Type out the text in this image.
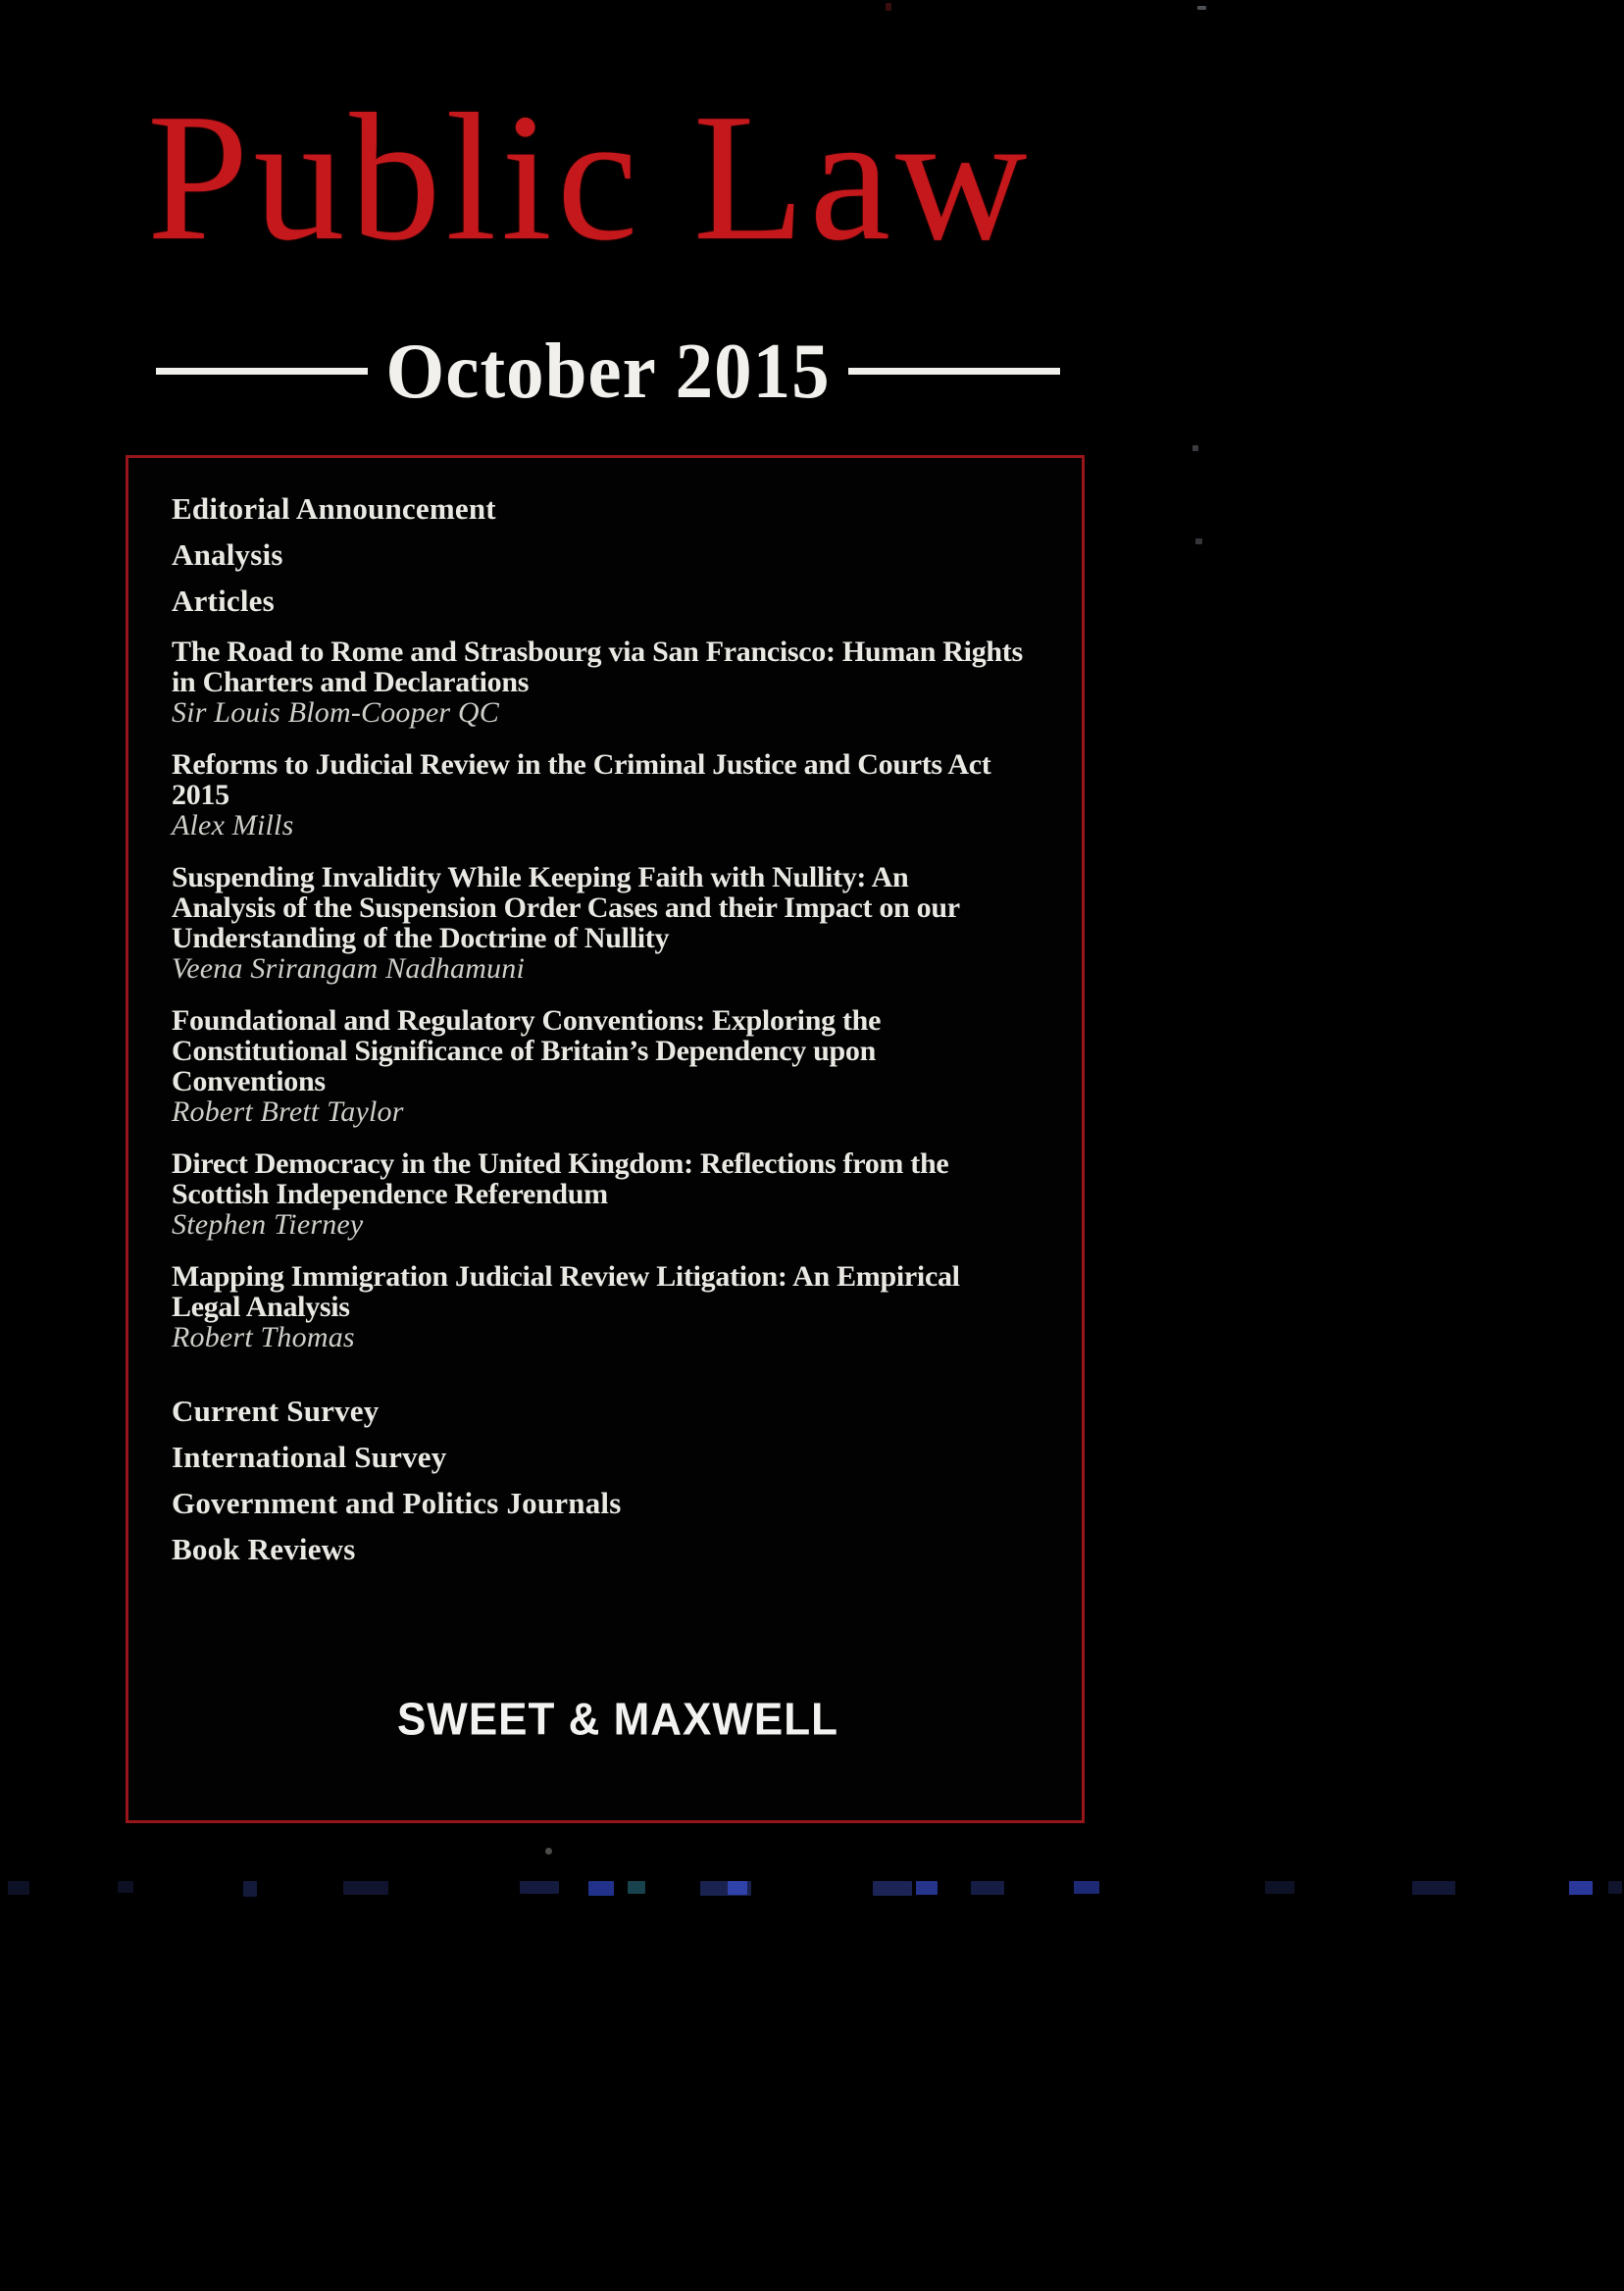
Public Law
October 2015
Editorial Announcement
Analysis
Articles
The Road to Rome and Strasbourg via San Francisco: Human Rights
in Charters and Declarations
Sir Louis Blom-Cooper QC
Reforms to Judicial Review in the Criminal Justice and Courts Act
2015
Alex Mills
Suspending Invalidity While Keeping Faith with Nullity: An
Analysis of the Suspension Order Cases and their Impact on our
Understanding of the Doctrine of Nullity
Veena Srirangam Nadhamuni
Foundational and Regulatory Conventions: Exploring the
Constitutional Significance of Britain’s Dependency upon
Conventions
Robert Brett Taylor
Direct Democracy in the United Kingdom: Reflections from the
Scottish Independence Referendum
Stephen Tierney
Mapping Immigration Judicial Review Litigation: An Empirical
Legal Analysis
Robert Thomas
Current Survey
International Survey
Government and Politics Journals
Book Reviews
SWEET & MAXWELL
